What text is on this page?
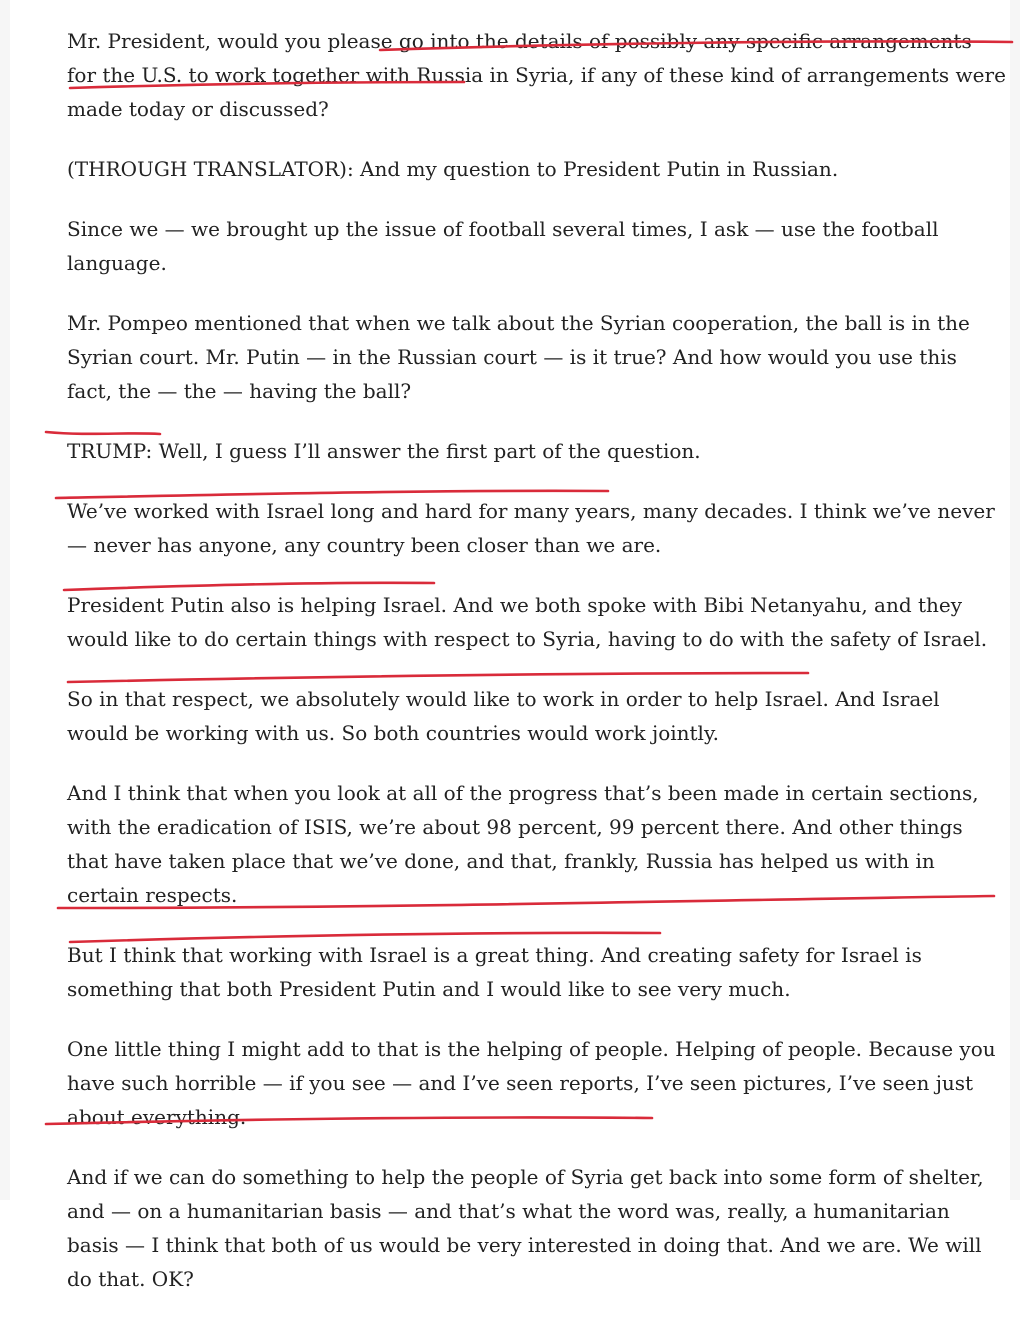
Mr. President, would you please go into the details of possibly any specific arrangements for the U.S. to work together with Russia in Syria, if any of these kind of arrangements were made today or discussed?

(THROUGH TRANSLATOR): And my question to President Putin in Russian.

Since we — we brought up the issue of football several times, I ask — use the football language.

Mr. Pompeo mentioned that when we talk about the Syrian cooperation, the ball is in the Syrian court. Mr. Putin — in the Russian court — is it true? And how would you use this fact, the — the — having the ball?

TRUMP: Well, I guess I’ll answer the first part of the question.

We’ve worked with Israel long and hard for many years, many decades. I think we’ve never — never has anyone, any country been closer than we are.

President Putin also is helping Israel. And we both spoke with Bibi Netanyahu, and they would like to do certain things with respect to Syria, having to do with the safety of Israel.

So in that respect, we absolutely would like to work in order to help Israel. And Israel would be working with us. So both countries would work jointly.

And I think that when you look at all of the progress that’s been made in certain sections, with the eradication of ISIS, we’re about 98 percent, 99 percent there. And other things that have taken place that we’ve done, and that, frankly, Russia has helped us with in certain respects.

But I think that working with Israel is a great thing. And creating safety for Israel is something that both President Putin and I would like to see very much.

One little thing I might add to that is the helping of people. Helping of people. Because you have such horrible — if you see — and I’ve seen reports, I’ve seen pictures, I’ve seen just about everything.

And if we can do something to help the people of Syria get back into some form of shelter, and — on a humanitarian basis — and that’s what the word was, really, a humanitarian basis — I think that both of us would be very interested in doing that. And we are. We will do that. OK?
